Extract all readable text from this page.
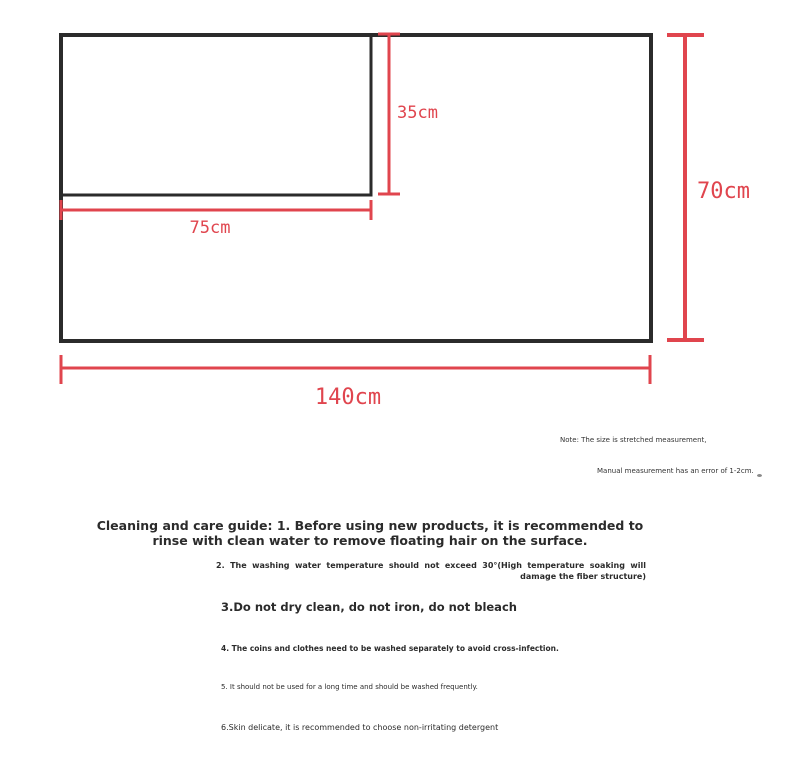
35cm
75cm
70cm
140cm
Note: The size is stretched measurement,
Manual measurement has an error of 1-2cm.
Cleaning and care guide: 1. Before using new products, it is recommended to rinse with clean water to remove floating hair on the surface.
2. The washing water temperature should not exceed 30°(High temperature soaking will damage the fiber structure)
3.Do not dry clean, do not iron, do not bleach
4. The coins and clothes need to be washed separately to avoid cross-infection.
5. It should not be used for a long time and should be washed frequently.
6.Skin delicate, it is recommended to choose non-irritating detergent
